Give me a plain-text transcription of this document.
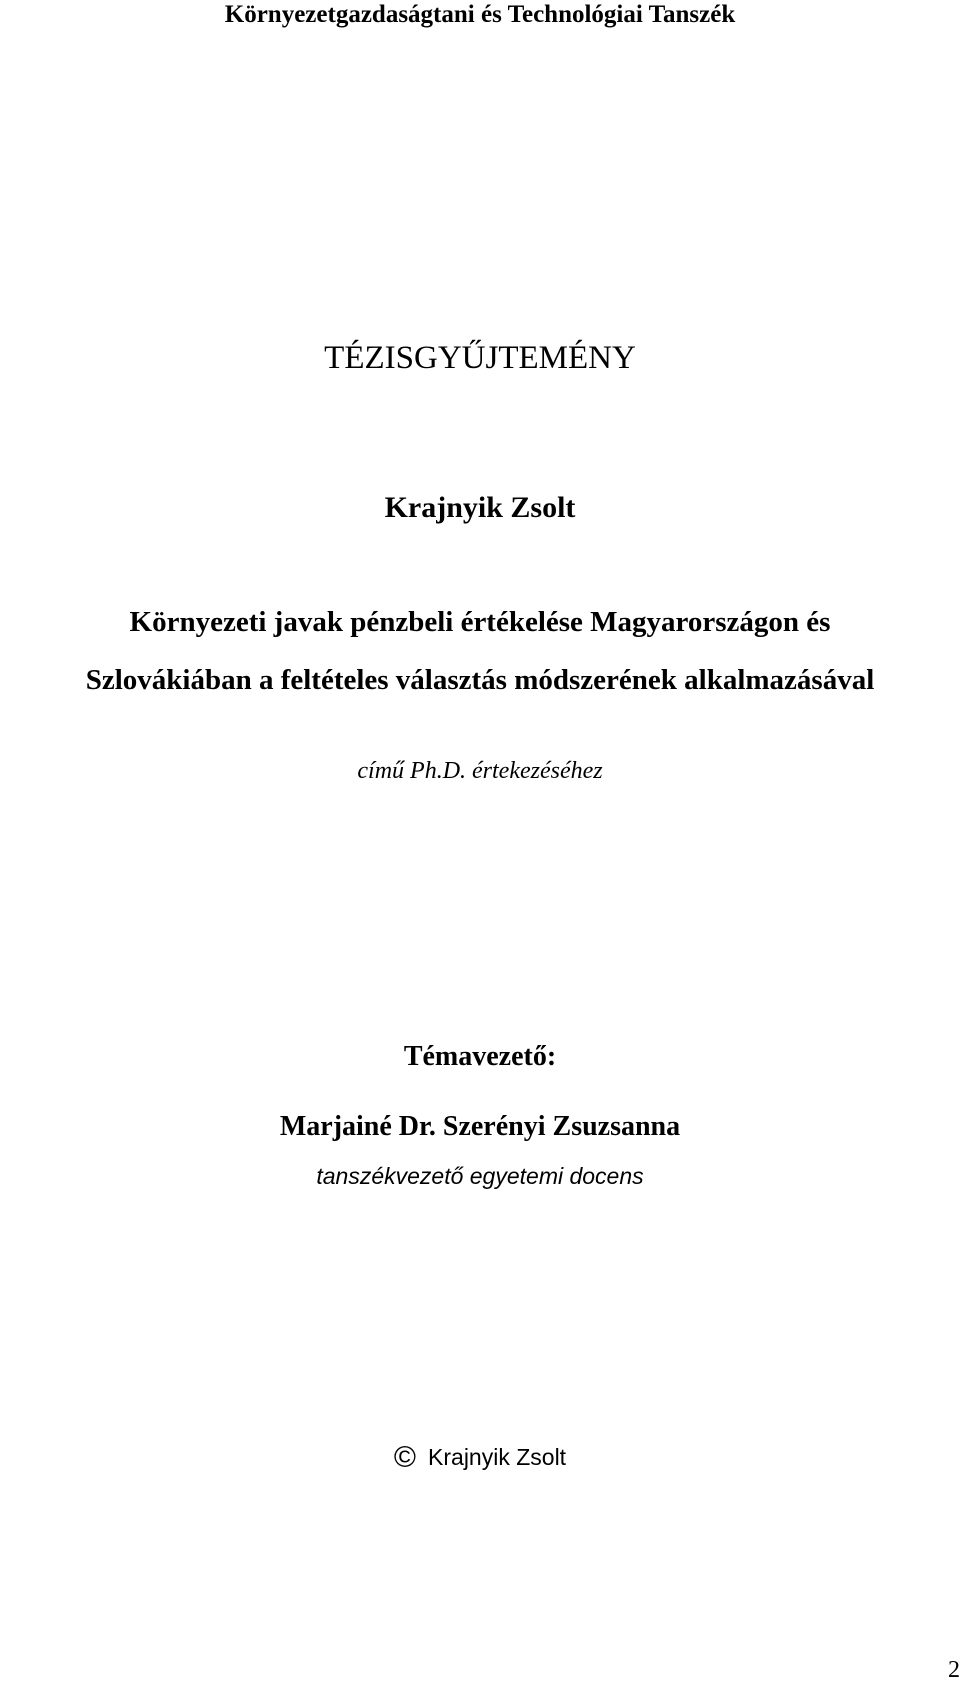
Környezetgazdaságtani és Technológiai Tanszék

TÉZISGYŰJTEMÉNY

Krajnyik Zsolt

Környezeti javak pénzbeli értékelése Magyarországon és

Szlovákiában a feltételes választás módszerének alkalmazásával

című Ph.D. értekezéséhez

Témavezető:

Marjainé Dr. Szerényi Zsuzsanna

tanszékvezető egyetemi docens

© Krajnyik Zsolt

2
